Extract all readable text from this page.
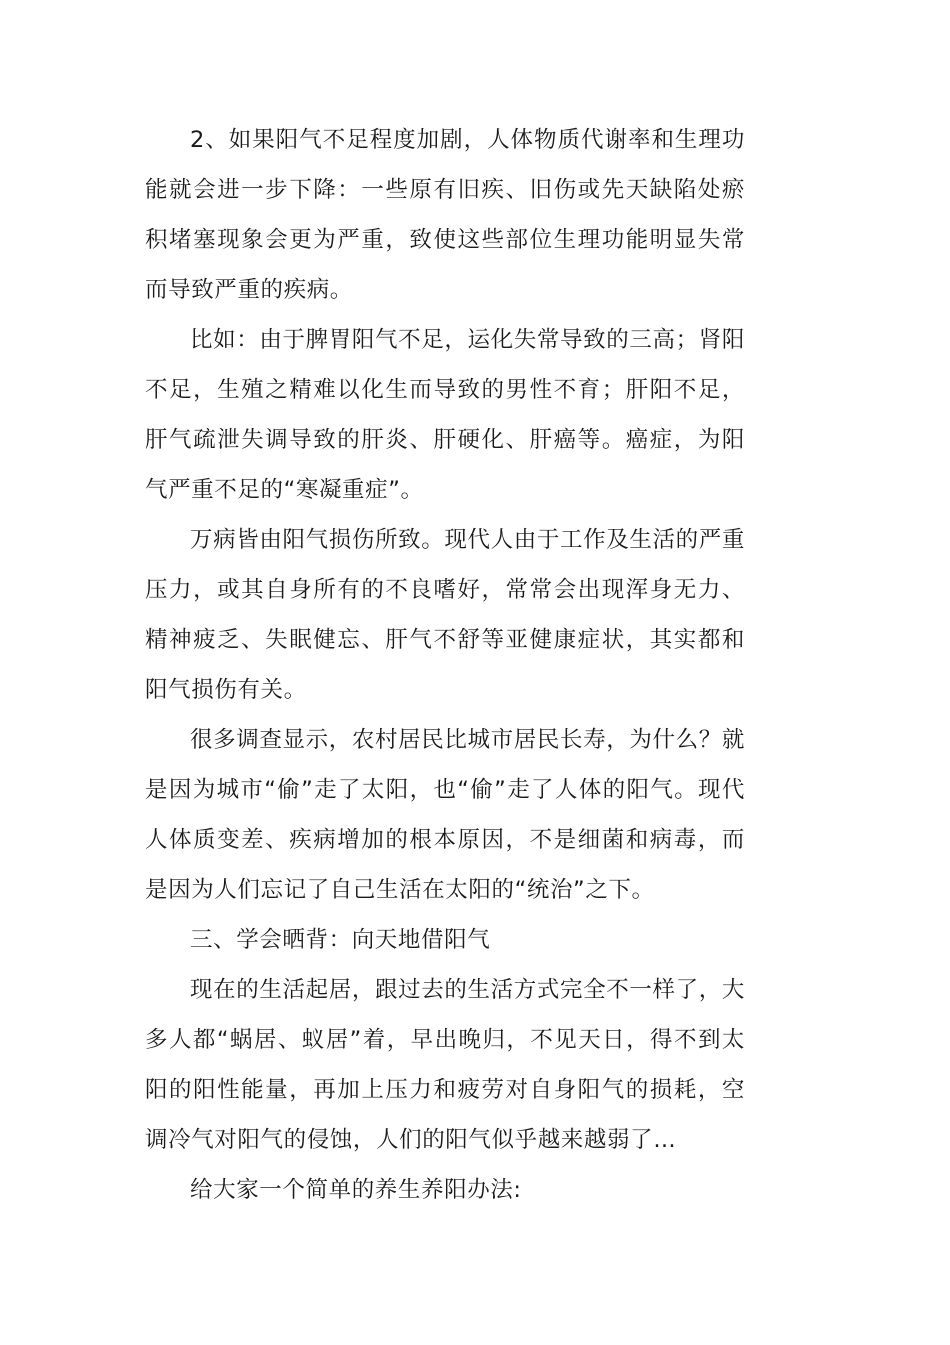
2、如果阳气不足程度加剧，人体物质代谢率和生理功能就会进一步下降：一些原有旧疾、旧伤或先天缺陷处瘀积堵塞现象会更为严重，致使这些部位生理功能明显失常而导致严重的疾病。

比如：由于脾胃阳气不足，运化失常导致的三高；肾阳不足，生殖之精难以化生而导致的男性不育；肝阳不足，肝气疏泄失调导致的肝炎、肝硬化、肝癌等。癌症，为阳气严重不足的“寒凝重症”。

万病皆由阳气损伤所致。现代人由于工作及生活的严重压力，或其自身所有的不良嗜好，常常会出现浑身无力、精神疲乏、失眠健忘、肝气不舒等亚健康症状，其实都和阳气损伤有关。

很多调查显示，农村居民比城市居民长寿，为什么？就是因为城市“偷”走了太阳，也“偷”走了人体的阳气。现代人体质变差、疾病增加的根本原因，不是细菌和病毒，而是因为人们忘记了自己生活在太阳的“统治”之下。

三、学会晒背：向天地借阳气

现在的生活起居，跟过去的生活方式完全不一样了，大多人都“蜗居、蚁居”着，早出晚归，不见天日，得不到太阳的阳性能量，再加上压力和疲劳对自身阳气的损耗，空调冷气对阳气的侵蚀，人们的阳气似乎越来越弱了…

给大家一个简单的养生养阳办法:
